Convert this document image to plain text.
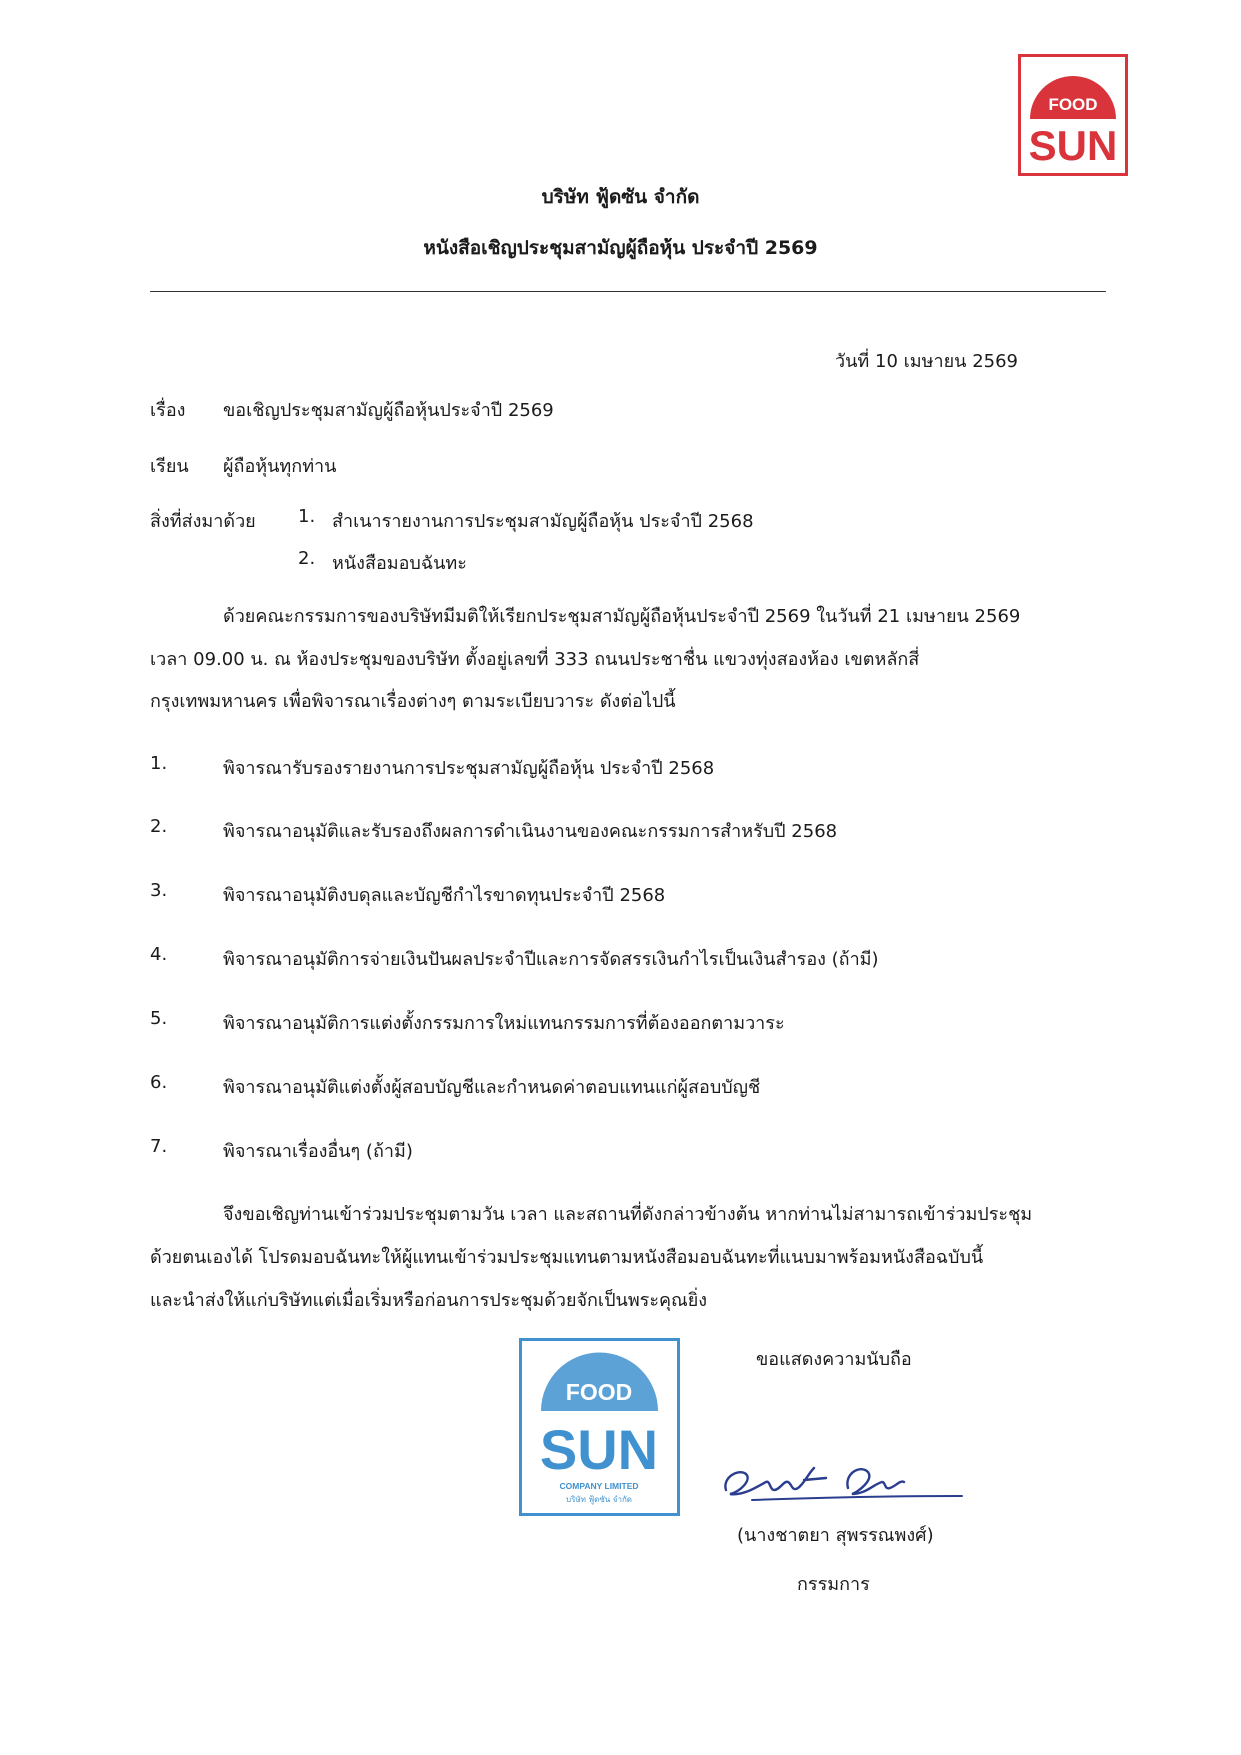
FOOD
SUN
บริษัท ฟู้ดซัน จำกัด
หนังสือเชิญประชุมสามัญผู้ถือหุ้น ประจำปี 2569
วันที่ 10 เมษายน 2569
เรื่อง ขอเชิญประชุมสามัญผู้ถือหุ้นประจำปี 2569
เรียน ผู้ถือหุ้นทุกท่าน
สิ่งที่ส่งมาด้วย 1. สำเนารายงานการประชุมสามัญผู้ถือหุ้น ประจำปี 2568
2. หนังสือมอบฉันทะ
ด้วยคณะกรรมการของบริษัทมีมติให้เรียกประชุมสามัญผู้ถือหุ้นประจำปี 2569 ในวันที่ 21 เมษายน 2569
เวลา 09.00 น. ณ ห้องประชุมของบริษัท ตั้งอยู่เลขที่ 333 ถนนประชาชื่น แขวงทุ่งสองห้อง เขตหลักสี่
กรุงเทพมหานคร เพื่อพิจารณาเรื่องต่างๆ ตามระเบียบวาระ ดังต่อไปนี้
1.	พิจารณารับรองรายงานการประชุมสามัญผู้ถือหุ้น ประจำปี 2568
2.	พิจารณาอนุมัติและรับรองถึงผลการดำเนินงานของคณะกรรมการสำหรับปี 2568
3.	พิจารณาอนุมัติงบดุลและบัญชีกำไรขาดทุนประจำปี 2568
4.	พิจารณาอนุมัติการจ่ายเงินปันผลประจำปีและการจัดสรรเงินกำไรเป็นเงินสำรอง (ถ้ามี)
5.	พิจารณาอนุมัติการแต่งตั้งกรรมการใหม่แทนกรรมการที่ต้องออกตามวาระ
6.	พิจารณาอนุมัติแต่งตั้งผู้สอบบัญชีและกำหนดค่าตอบแทนแก่ผู้สอบบัญชี
7.	พิจารณาเรื่องอื่นๆ (ถ้ามี)
จึงขอเชิญท่านเข้าร่วมประชุมตามวัน เวลา และสถานที่ดังกล่าวข้างต้น หากท่านไม่สามารถเข้าร่วมประชุม
ด้วยตนเองได้ โปรดมอบฉันทะให้ผู้แทนเข้าร่วมประชุมแทนตามหนังสือมอบฉันทะที่แนบมาพร้อมหนังสือฉบับนี้
และนำส่งให้แก่บริษัทแต่เมื่อเริ่มหรือก่อนการประชุมด้วยจักเป็นพระคุณยิ่ง
FOOD
SUN
COMPANY LIMITED
บริษัท ฟู้ดซัน จำกัด
ขอแสดงความนับถือ
(นางชาตยา สุพรรณพงศ์)
กรรมการ
